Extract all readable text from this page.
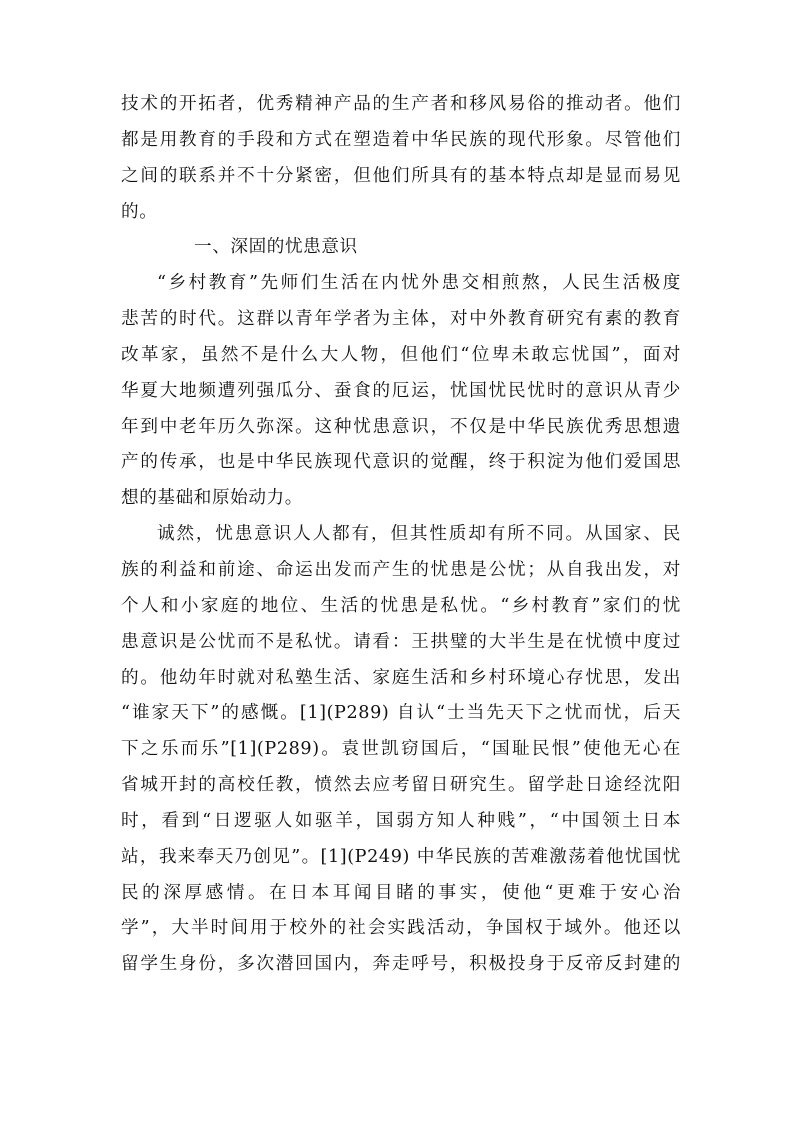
技术的开拓者，优秀精神产品的生产者和移风易俗的推动者。他们
都是用教育的手段和方式在塑造着中华民族的现代形象。尽管他们
之间的联系并不十分紧密，但他们所具有的基本特点却是显而易见
的。
一、深固的忧患意识
“乡村教育”先师们生活在内忧外患交相煎熬，人民生活极度
悲苦的时代。这群以青年学者为主体，对中外教育研究有素的教育
改革家，虽然不是什么大人物，但他们“位卑未敢忘忧国”，面对
华夏大地频遭列强瓜分、蚕食的厄运，忧国忧民忧时的意识从青少
年到中老年历久弥深。这种忧患意识，不仅是中华民族优秀思想遗
产的传承，也是中华民族现代意识的觉醒，终于积淀为他们爱国思
想的基础和原始动力。
诚然，忧患意识人人都有，但其性质却有所不同。从国家、民
族的利益和前途、命运出发而产生的忧患是公忧；从自我出发，对
个人和小家庭的地位、生活的忧患是私忧。“乡村教育”家们的忧
患意识是公忧而不是私忧。请看：王拱璧的大半生是在忧愤中度过
的。他幼年时就对私塾生活、家庭生活和乡村环境心存忧思，发出
“谁家天下”的感慨。[1](P289) 自认“士当先天下之忧而忧，后天
下之乐而乐”[1](P289)。袁世凯窃国后，“国耻民恨”使他无心在
省城开封的高校任教，愤然去应考留日研究生。留学赴日途经沈阳
时，看到“日逻驱人如驱羊，国弱方知人种贱”，“中国领土日本
站，我来奉天乃创见”。[1](P249) 中华民族的苦难激荡着他忧国忧
民的深厚感情。在日本耳闻目睹的事实，使他“更难于安心治
学”，大半时间用于校外的社会实践活动，争国权于域外。他还以
留学生身份，多次潜回国内，奔走呼号，积极投身于反帝反封建的
